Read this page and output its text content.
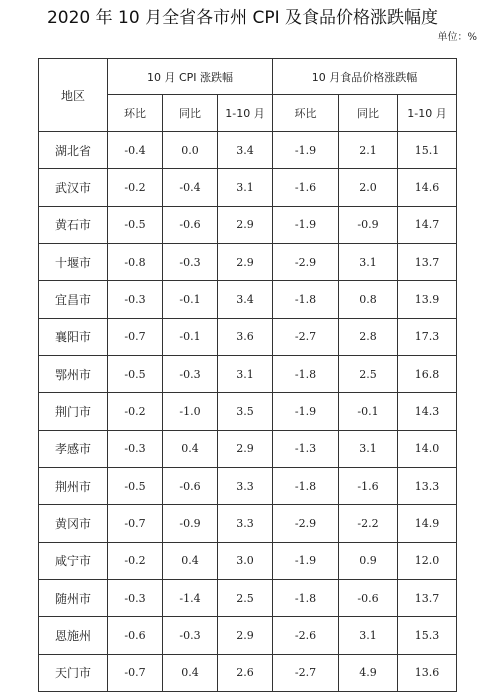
2020 年 10 月全省各市州 CPI 及食品价格涨跌幅度
单位：%
地区	10 月 CPI 涨跌幅			10 月食品价格涨跌幅		
	环比	同比	1-10 月	环比	同比	1-10 月
湖北省	-0.4	0.0	3.4	-1.9	2.1	15.1
武汉市	-0.2	-0.4	3.1	-1.6	2.0	14.6
黄石市	-0.5	-0.6	2.9	-1.9	-0.9	14.7
十堰市	-0.8	-0.3	2.9	-2.9	3.1	13.7
宜昌市	-0.3	-0.1	3.4	-1.8	0.8	13.9
襄阳市	-0.7	-0.1	3.6	-2.7	2.8	17.3
鄂州市	-0.5	-0.3	3.1	-1.8	2.5	16.8
荆门市	-0.2	-1.0	3.5	-1.9	-0.1	14.3
孝感市	-0.3	0.4	2.9	-1.3	3.1	14.0
荆州市	-0.5	-0.6	3.3	-1.8	-1.6	13.3
黄冈市	-0.7	-0.9	3.3	-2.9	-2.2	14.9
咸宁市	-0.2	0.4	3.0	-1.9	0.9	12.0
随州市	-0.3	-1.4	2.5	-1.8	-0.6	13.7
恩施州	-0.6	-0.3	2.9	-2.6	3.1	15.3
天门市	-0.7	0.4	2.6	-2.7	4.9	13.6
